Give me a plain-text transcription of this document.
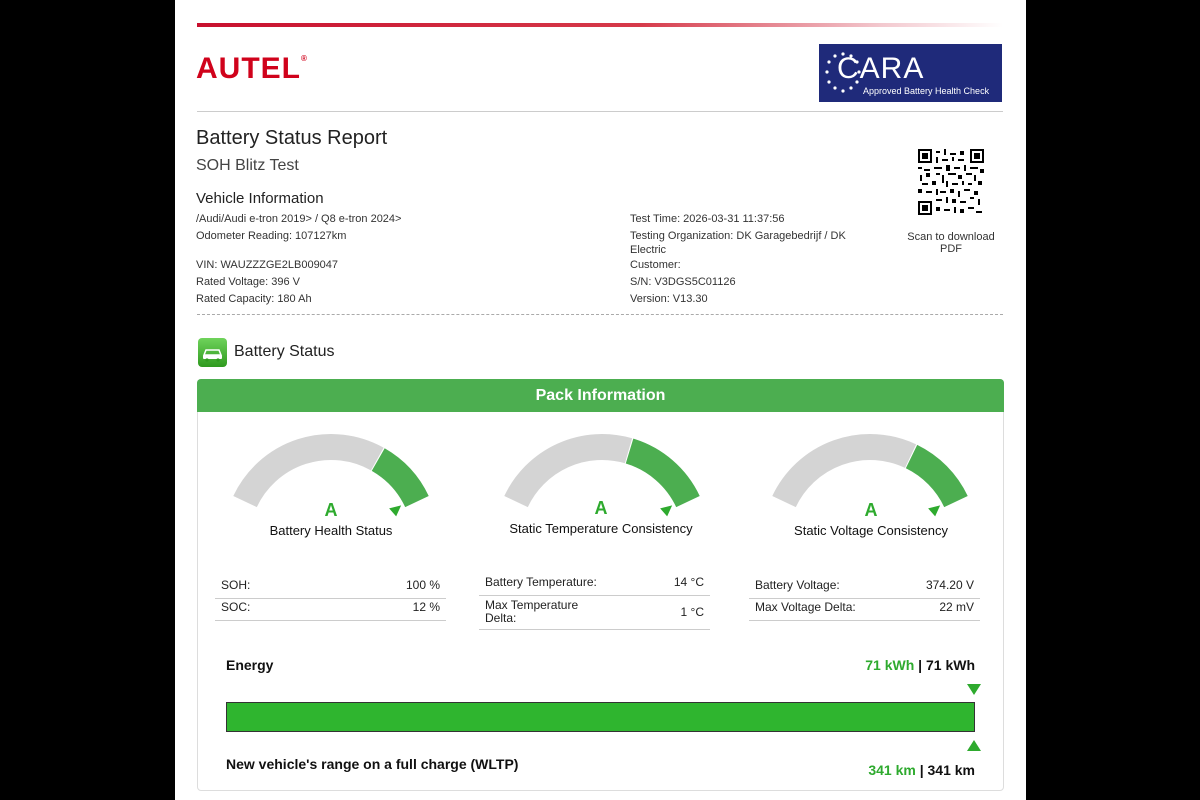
AUTEL®	CARA
Approved Battery Health Check
Battery Status Report
SOH Blitz Test
Vehicle Information
/Audi/Audi e-tron 2019> / Q8 e-tron 2024>
Odometer Reading: 107127km
VIN: WAUZZZGE2LB009047
Rated Voltage: 396 V
Rated Capacity: 180 Ah
Test Time: 2026-03-31 11:37:56
Testing Organization: DK Garagebedrijf / DK Electric
Customer:
S/N: V3DGS5C01126
Version: V13.30
Scan to download PDF
Battery Status
Pack Information
A
Battery Health Status
A
Static Temperature Consistency
A
Static Voltage Consistency
SOH:	100 %
SOC:	12 %
Battery Temperature:	14 °C
Max Temperature Delta:	1 °C
Battery Voltage:	374.20 V
Max Voltage Delta:	22 mV
Energy	71 kWh | 71 kWh
New vehicle's range on a full charge (WLTP)	341 km | 341 km
